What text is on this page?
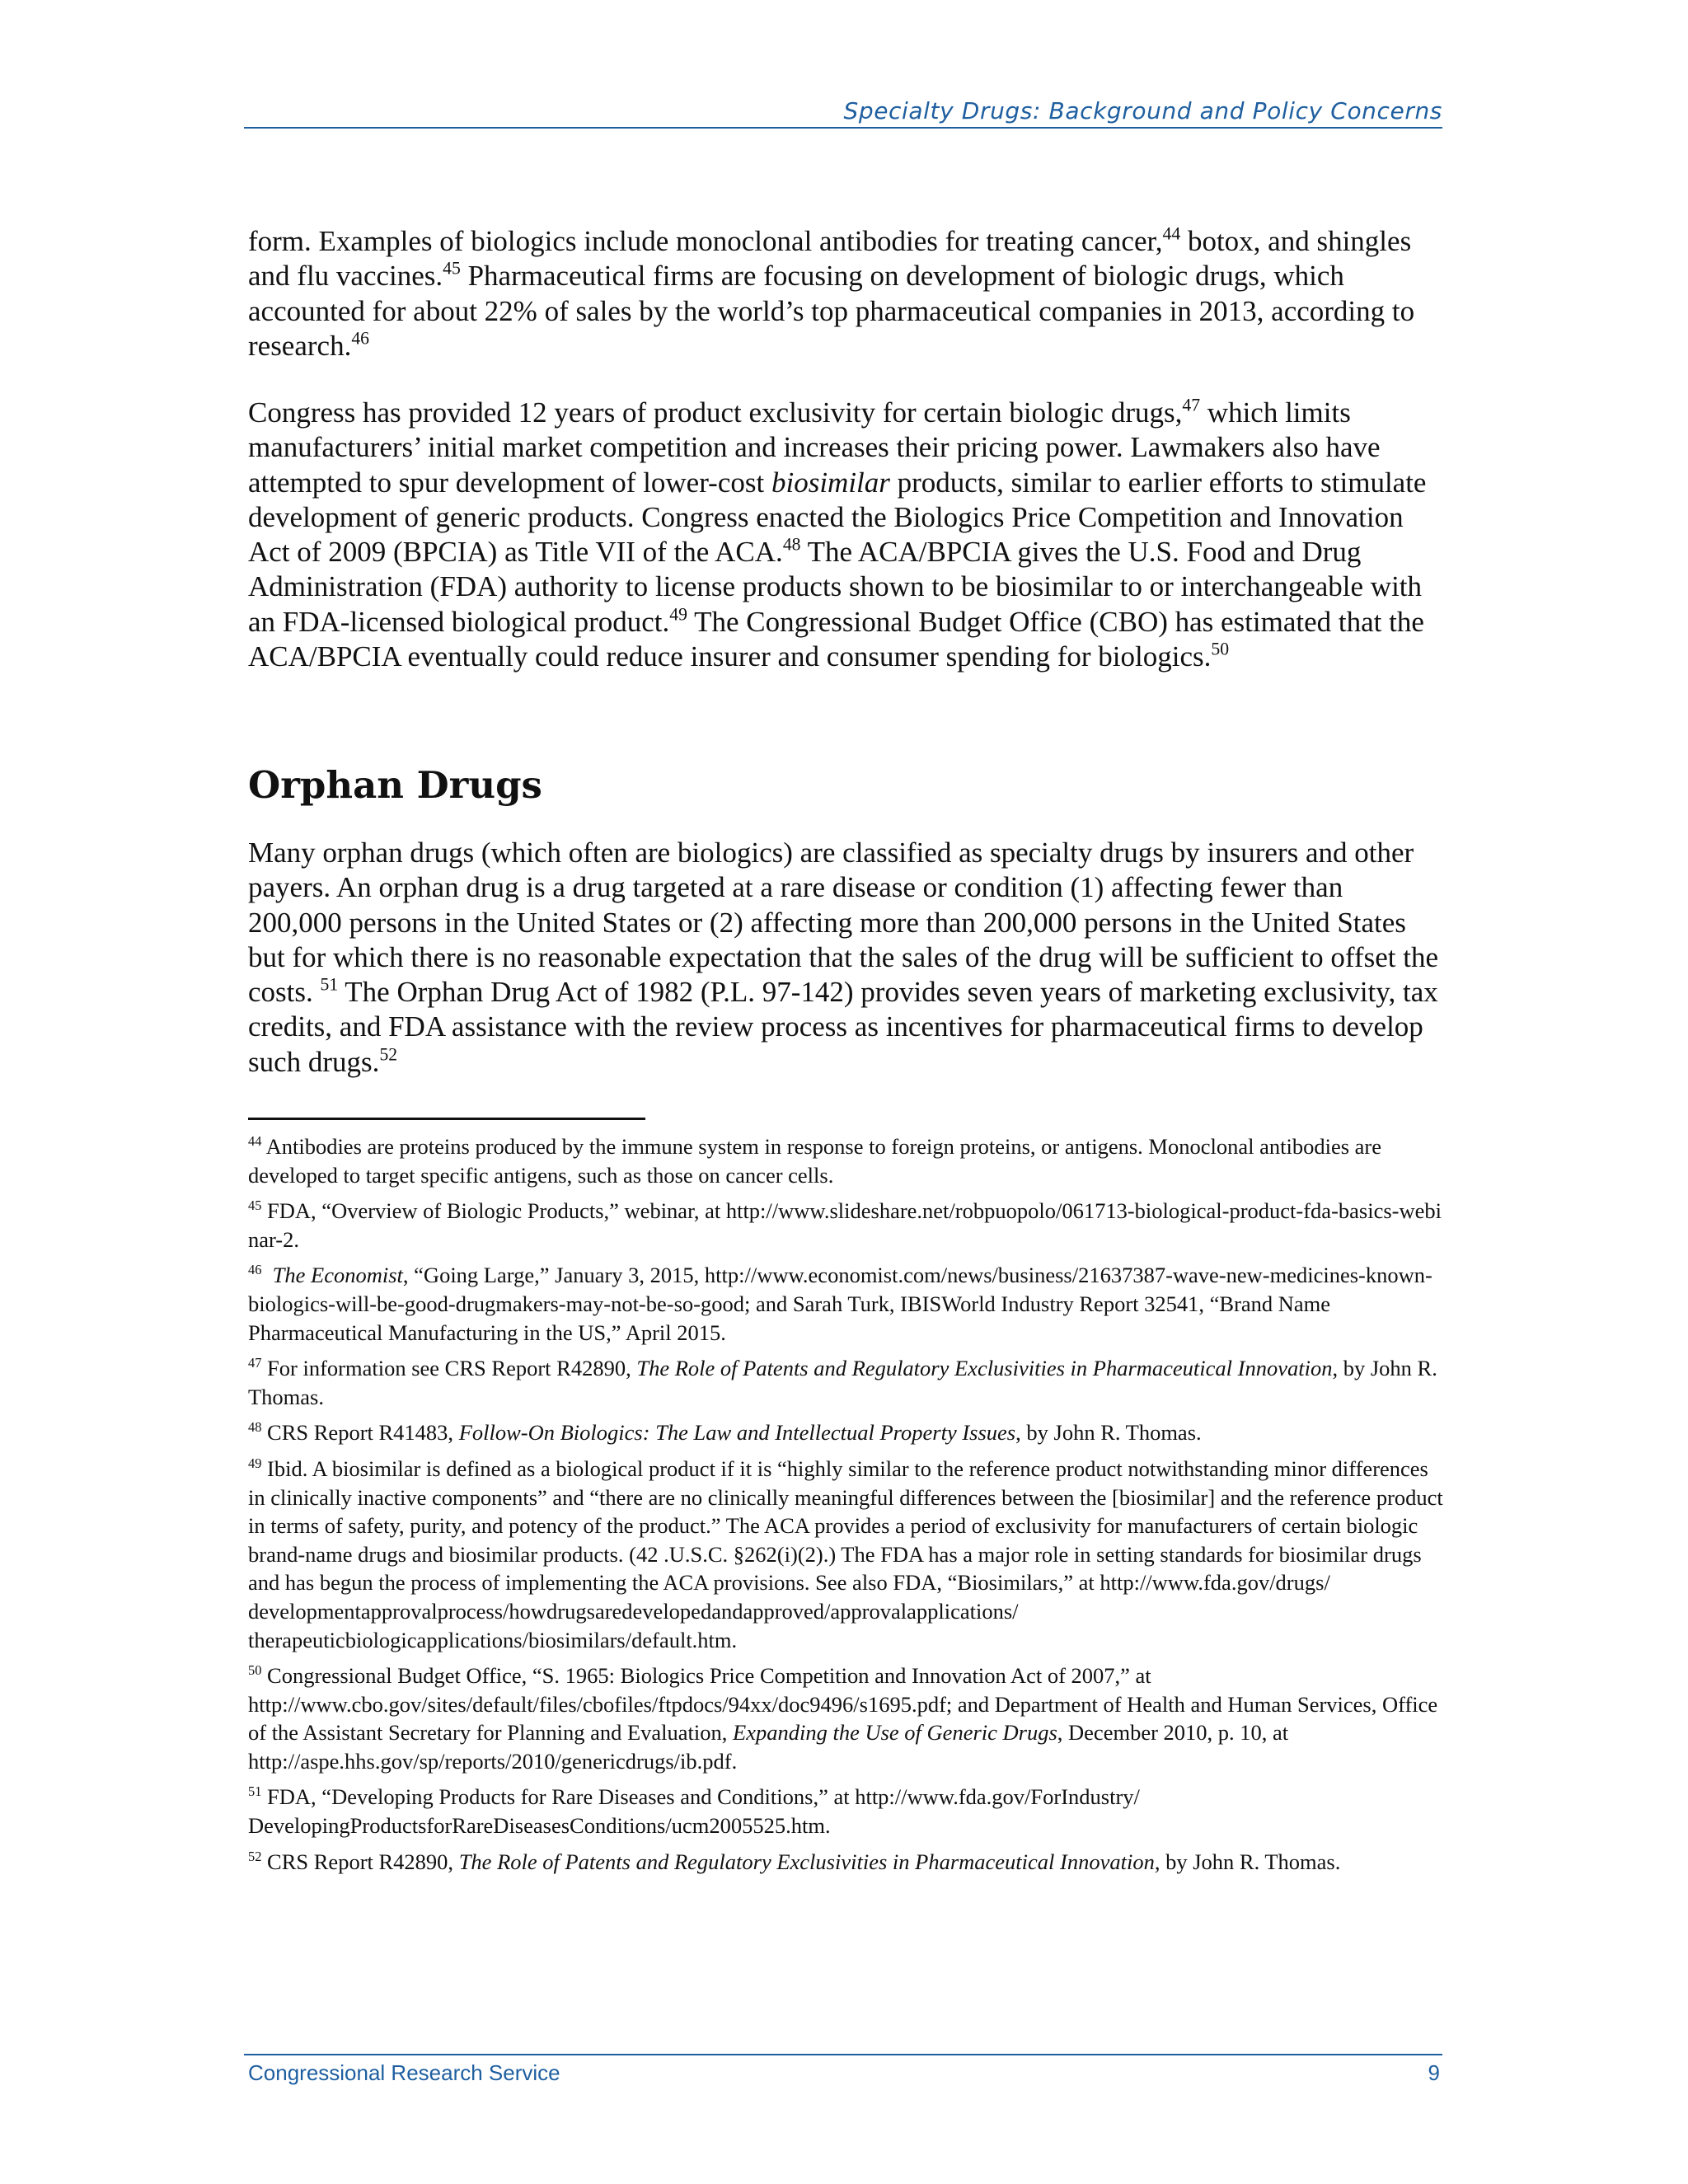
Specialty Drugs: Background and Policy Concerns

form. Examples of biologics include monoclonal antibodies for treating cancer,$^{44}$ botox, and shingles and flu vaccines.$^{45}$ Pharmaceutical firms are focusing on development of biologic drugs, which accounted for about 22% of sales by the world’s top pharmaceutical companies in 2013, according to research.$^{46}$

Congress has provided 12 years of product exclusivity for certain biologic drugs,$^{47}$ which limits manufacturers’ initial market competition and increases their pricing power. Lawmakers also have attempted to spur development of lower-cost biosimilar products, similar to earlier efforts to stimulate development of generic products. Congress enacted the Biologics Price Competition and Innovation Act of 2009 (BPCIA) as Title VII of the ACA.$^{48}$ The ACA/BPCIA gives the U.S. Food and Drug Administration (FDA) authority to license products shown to be biosimilar to or interchangeable with an FDA-licensed biological product.$^{49}$ The Congressional Budget Office (CBO) has estimated that the ACA/BPCIA eventually could reduce insurer and consumer spending for biologics.$^{50}$

Orphan Drugs

Many orphan drugs (which often are biologics) are classified as specialty drugs by insurers and other payers. An orphan drug is a drug targeted at a rare disease or condition (1) affecting fewer than 200,000 persons in the United States or (2) affecting more than 200,000 persons in the United States but for which there is no reasonable expectation that the sales of the drug will be sufficient to offset the costs. $^{51}$ The Orphan Drug Act of 1982 (P.L. 97-142) provides seven years of marketing exclusivity, tax credits, and FDA assistance with the review process as incentives for pharmaceutical firms to develop such drugs.$^{52}$

$^{44}$ Antibodies are proteins produced by the immune system in response to foreign proteins, or antigens. Monoclonal antibodies are developed to target specific antigens, such as those on cancer cells.

$^{45}$ FDA, “Overview of Biologic Products,” webinar, at http://www.slideshare.net/robpuopolo/061713-biological-product-fda-basics-webinar-2.

$^{46}$ The Economist, “Going Large,” January 3, 2015, http://www.economist.com/news/business/21637387-wave-new-medicines-known-biologics-will-be-good-drugmakers-may-not-be-so-good; and Sarah Turk, IBISWorld Industry Report 32541, “Brand Name Pharmaceutical Manufacturing in the US,” April 2015.

$^{47}$ For information see CRS Report R42890, The Role of Patents and Regulatory Exclusivities in Pharmaceutical Innovation, by John R. Thomas.

$^{48}$ CRS Report R41483, Follow-On Biologics: The Law and Intellectual Property Issues, by John R. Thomas.

$^{49}$ Ibid. A biosimilar is defined as a biological product if it is “highly similar to the reference product notwithstanding minor differences in clinically inactive components” and “there are no clinically meaningful differences between the [biosimilar] and the reference product in terms of safety, purity, and potency of the product.” The ACA provides a period of exclusivity for manufacturers of certain biologic brand-name drugs and biosimilar products. (42 .U.S.C. §262(i)(2).) The FDA has a major role in setting standards for biosimilar drugs and has begun the process of implementing the ACA provisions. See also FDA, “Biosimilars,” at http://www.fda.gov/drugs/ developmentapprovalprocess/howdrugsaredevelopedandapproved/approvalapplications/ therapeuticbiologicapplications/biosimilars/default.htm.

$^{50}$ Congressional Budget Office, “S. 1965: Biologics Price Competition and Innovation Act of 2007,” at http://www.cbo.gov/sites/default/files/cbofiles/ftpdocs/94xx/doc9496/s1695.pdf; and Department of Health and Human Services, Office of the Assistant Secretary for Planning and Evaluation, Expanding the Use of Generic Drugs, December 2010, p. 10, at http://aspe.hhs.gov/sp/reports/2010/genericdrugs/ib.pdf.

$^{51}$ FDA, “Developing Products for Rare Diseases and Conditions,” at http://www.fda.gov/ForIndustry/ DevelopingProductsforRareDiseasesConditions/ucm2005525.htm.

$^{52}$ CRS Report R42890, The Role of Patents and Regulatory Exclusivities in Pharmaceutical Innovation, by John R. Thomas.

Congressional Research Service	9
